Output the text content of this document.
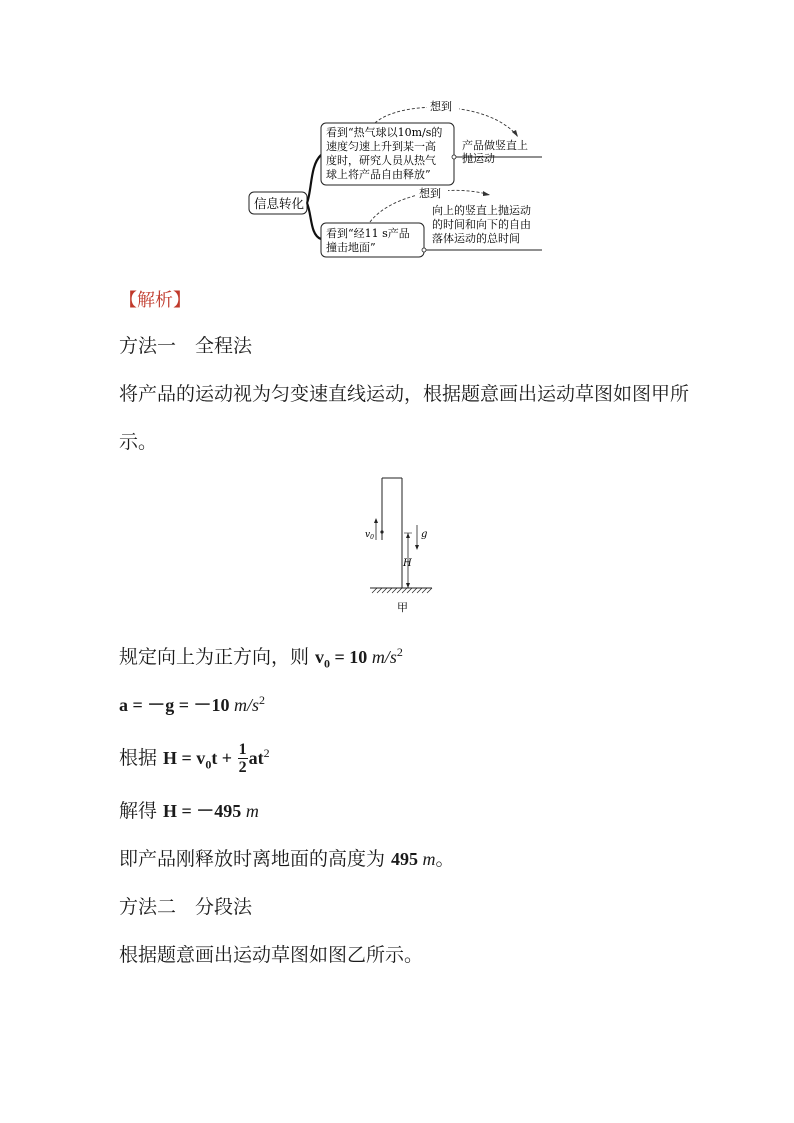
信息转化
看到“热气球以10m/s的
速度匀速上升到某一高
度时，研究人员从热气
球上将产品自由释放”
产品做竖直上
抛运动
想到
看到“经11 s产品
撞击地面”
向上的竖直上抛运动
的时间和向下的自由
落体运动的总时间
想到
【解析】
方法一　全程法
将产品的运动视为匀变速直线运动，根据题意画出运动草图如图甲所
示。
$v_0$	g
H
甲
规定向上为正方向，则 $v_0 = 10$ $m/s^2$
a = －g = －10 $m/s^2$
根据 $H = v_0t + \frac{1}{2} at^2$
解得 H = －495 m
即产品刚释放时离地面的高度为 495 m。
方法二　分段法
根据题意画出运动草图如图乙所示。
